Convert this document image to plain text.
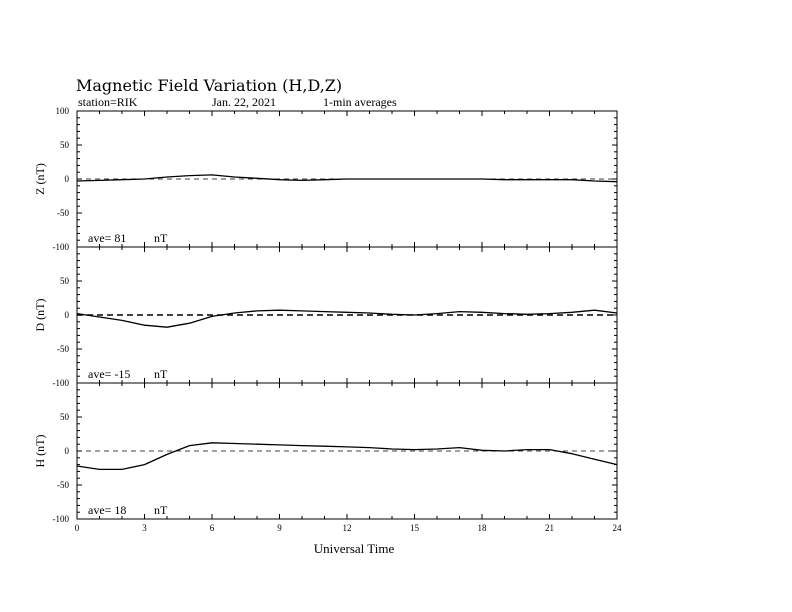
Magnetic Field Variation (H,D,Z)
station=RIK	Jan. 22, 2021	1-min averages
Universal Time
100
50
0
-50
-100
Z (nT)
ave= 81 nT
50
0
-50
-100
D (nT)
ave= -15 nT
50
0
-50
-100
H (nT)
ave= 18 nT
0	3	6	9	12	15	18	21	24
